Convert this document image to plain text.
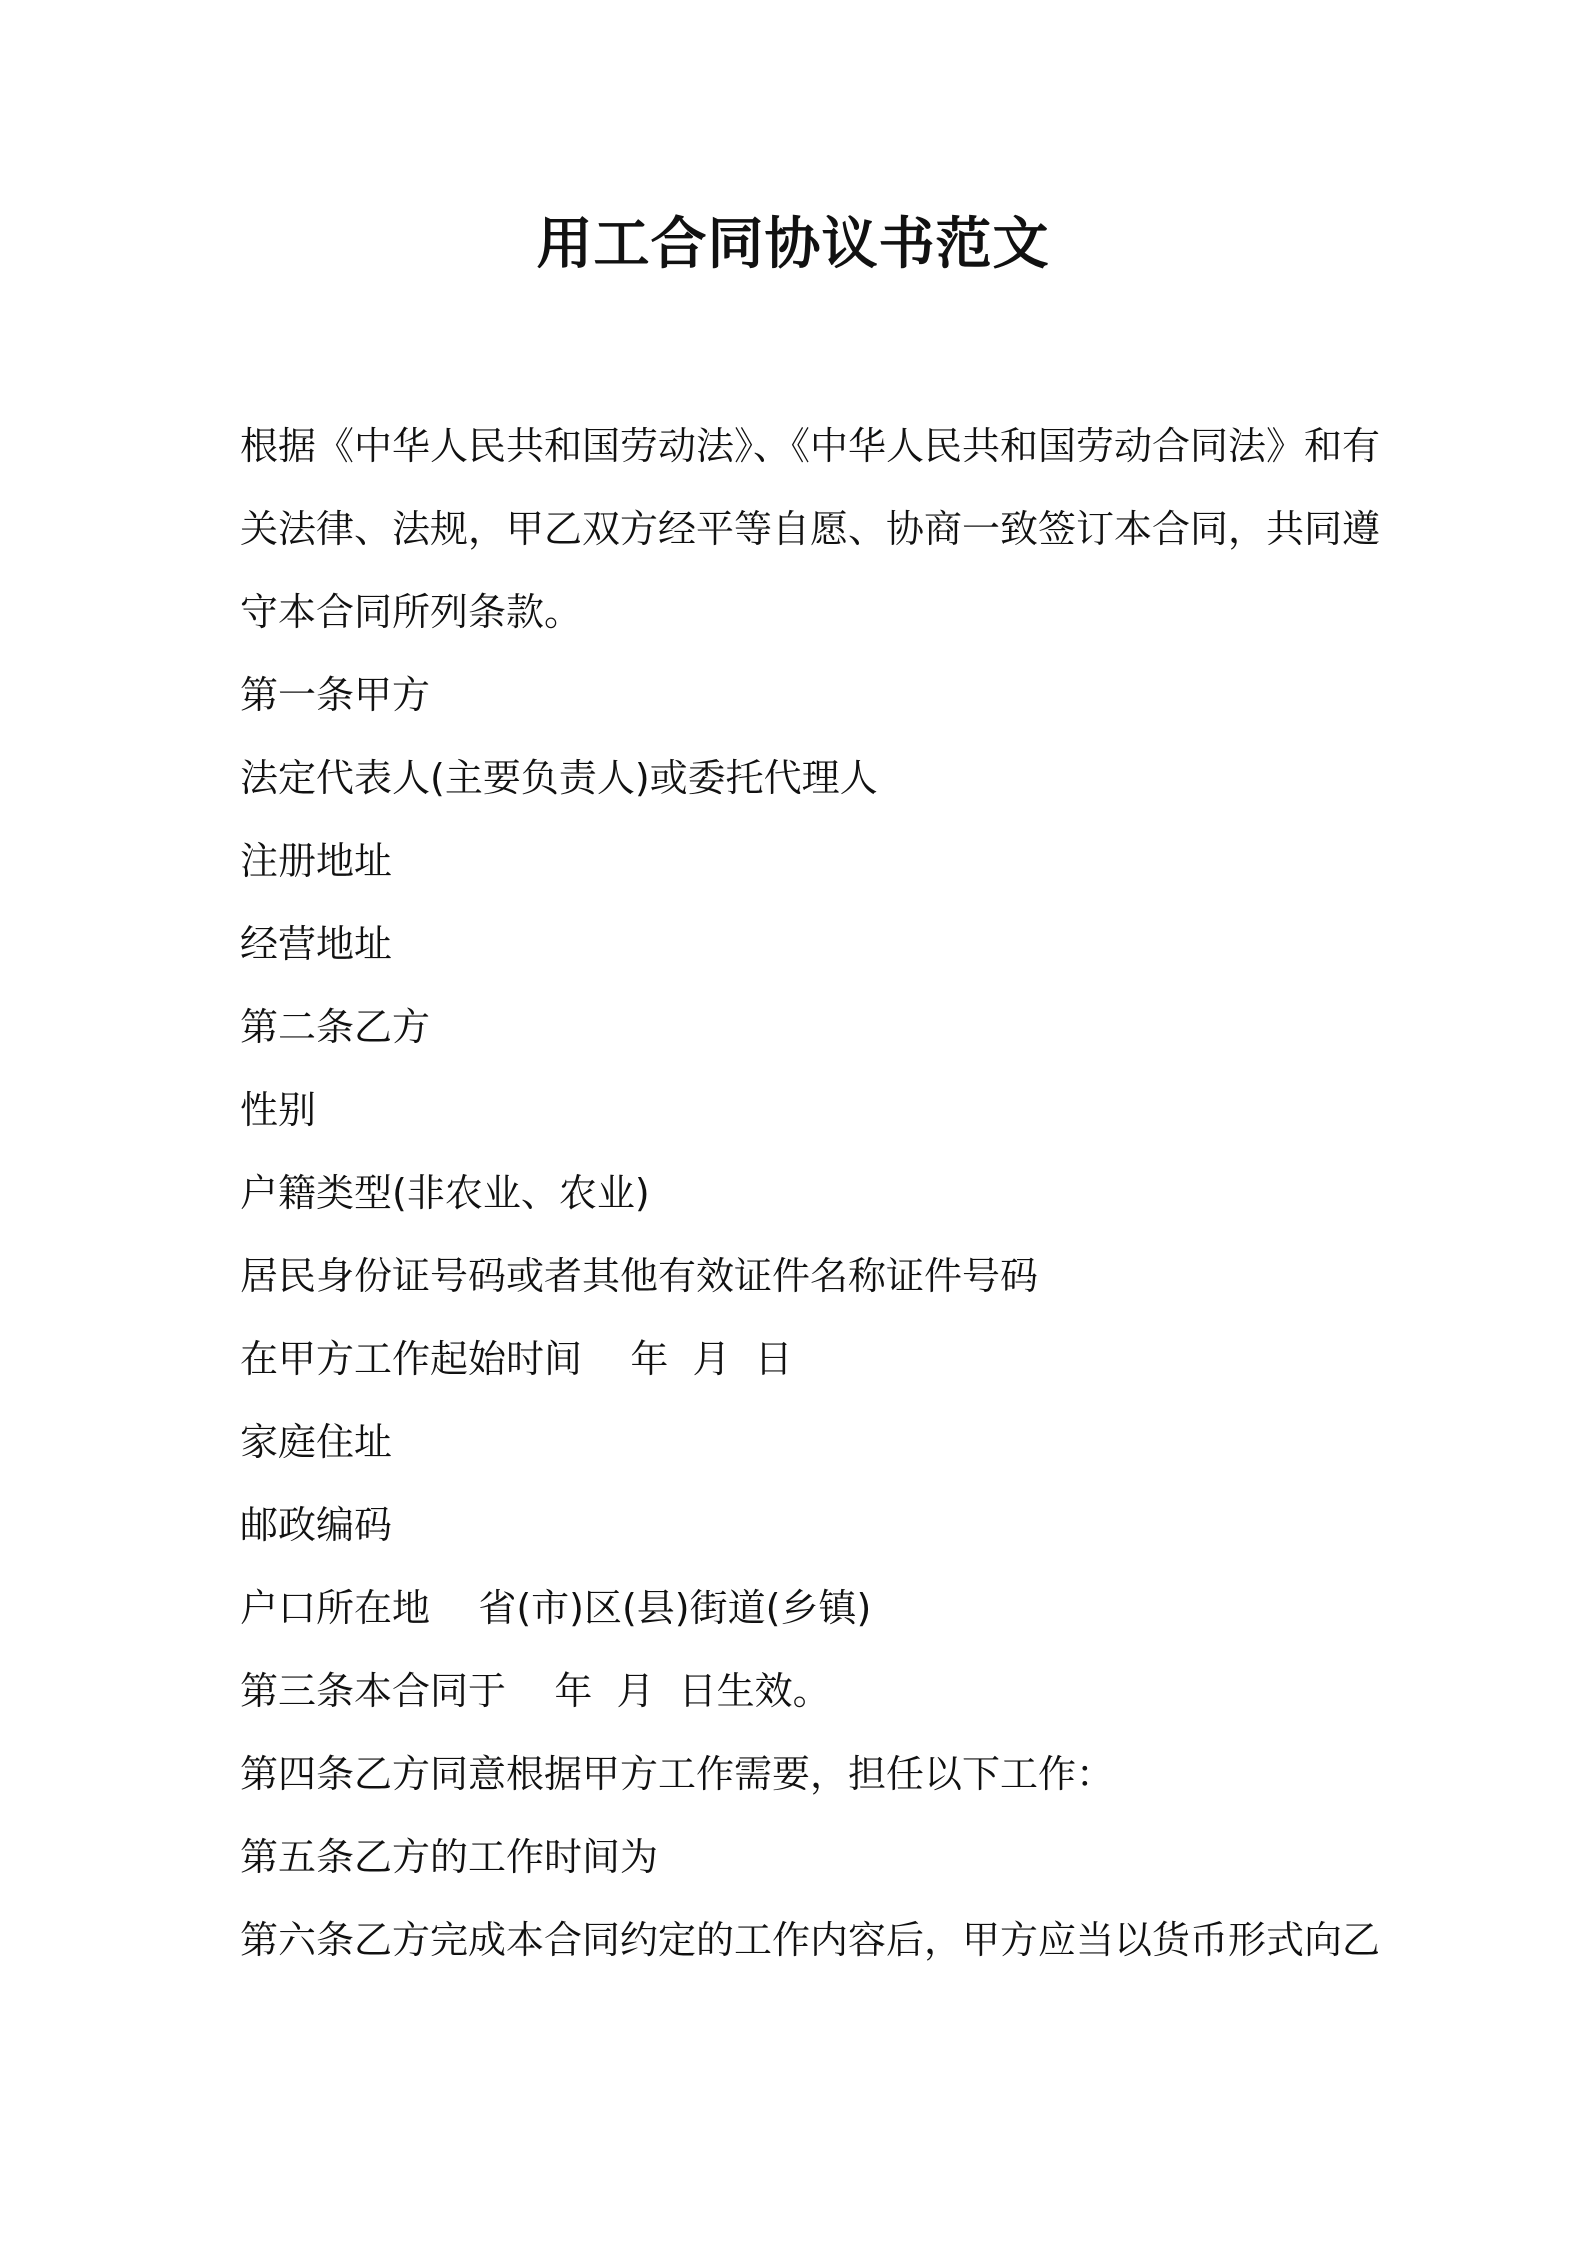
用工合同协议书范文

根据《中华人民共和国劳动法》、《中华人民共和国劳动合同法》和有

关法律、法规，甲乙双方经平等自愿、协商一致签订本合同，共同遵

守本合同所列条款。

第一条甲方

法定代表人(主要负责人)或委托代理人

注册地址

经营地址

第二条乙方

性别

户籍类型(非农业、农业)

居民身份证号码或者其他有效证件名称证件号码

在甲方工作起始时间    年  月  日

家庭住址

邮政编码

户口所在地    省(市)区(县)街道(乡镇)

第三条本合同于    年  月  日生效。

第四条乙方同意根据甲方工作需要，担任以下工作：

第五条乙方的工作时间为

第六条乙方完成本合同约定的工作内容后，甲方应当以货币形式向乙
